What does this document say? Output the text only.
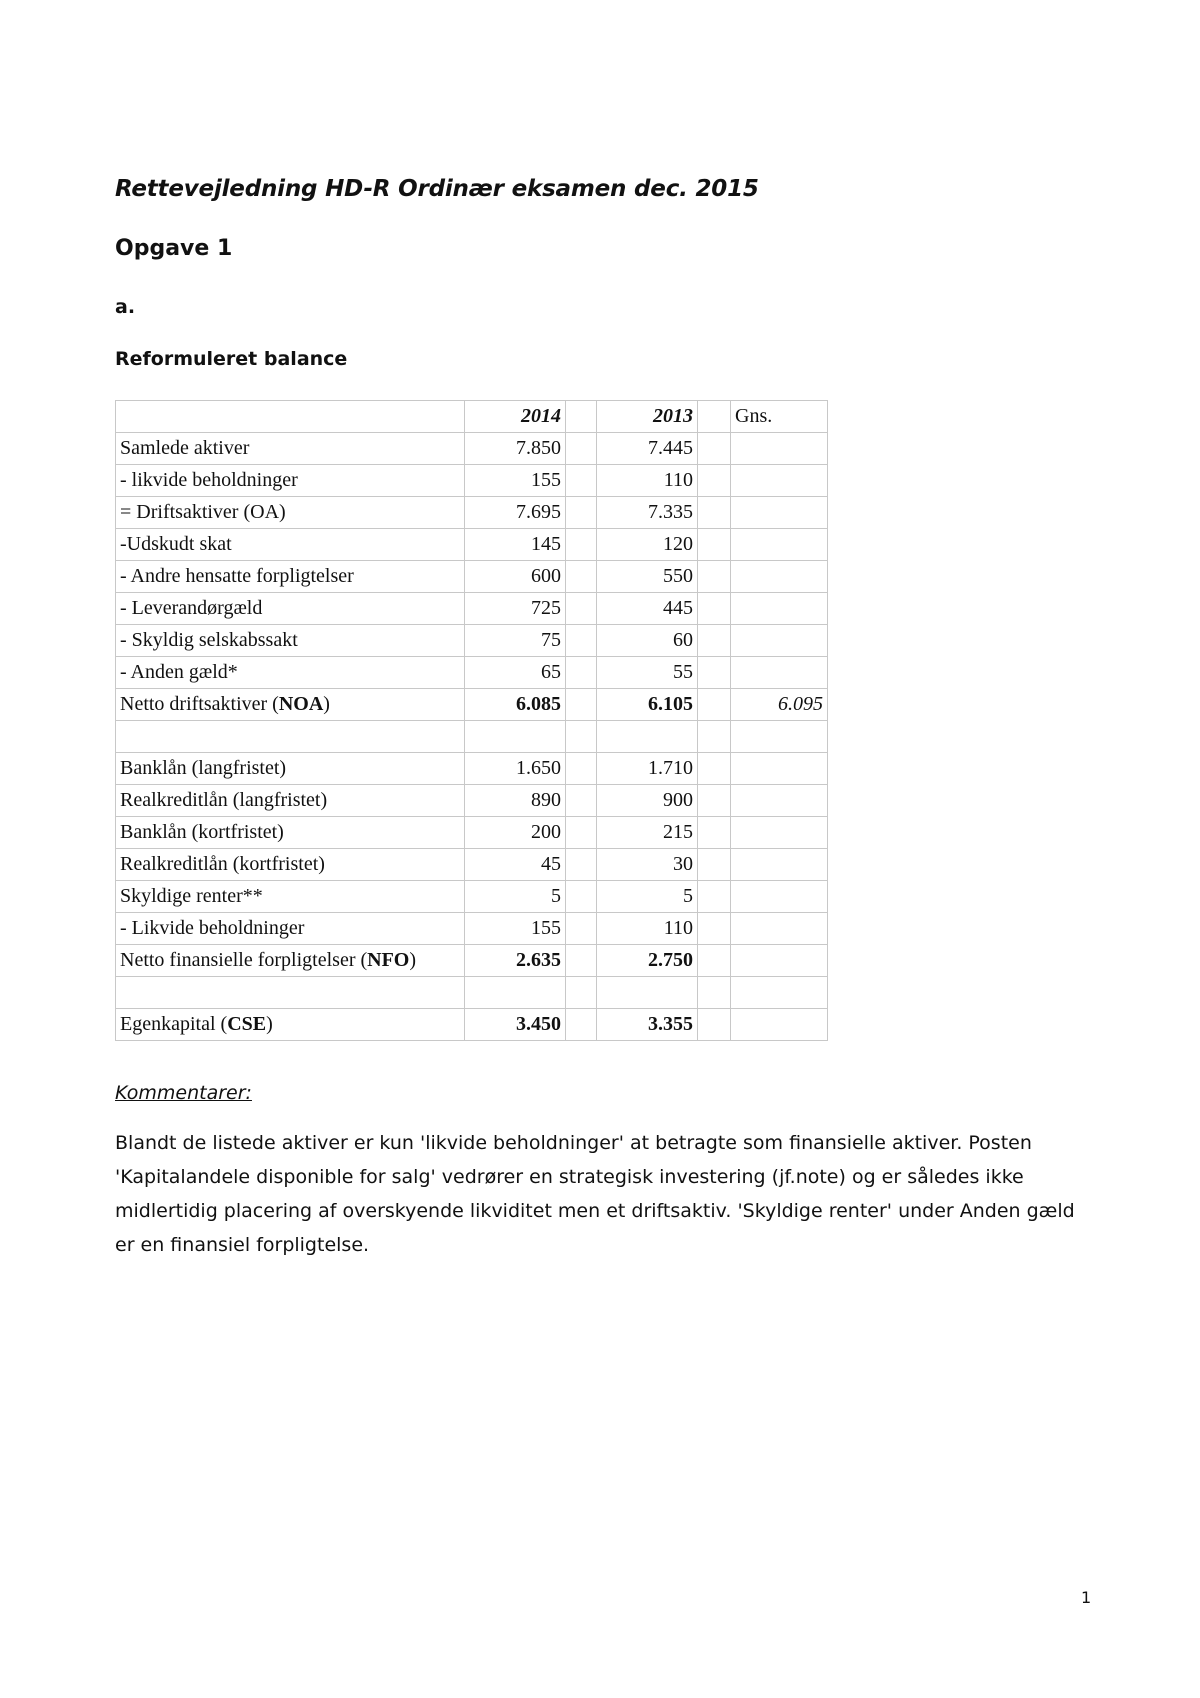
Rettevejledning HD-R Ordinær eksamen dec. 2015
Opgave 1
a.
Reformuleret balance
	2014		2013		Gns.
Samlede aktiver	7.850		7.445		
- likvide beholdninger	155		110		
= Driftsaktiver (OA)	7.695		7.335		
-Udskudt skat	145		120		
- Andre hensatte forpligtelser	600		550		
- Leverandørgæld	725		445		
- Skyldig selskabssakt	75		60		
- Anden gæld*	65		55		
Netto driftsaktiver (NOA)	6.085		6.105		6.095

Banklån (langfristet)	1.650		1.710		
Realkreditlån (langfristet)	890		900		
Banklån (kortfristet)	200		215		
Realkreditlån (kortfristet)	45		30		
Skyldige renter**	5		5		
- Likvide beholdninger	155		110		
Netto finansielle forpligtelser (NFO)	2.635		2.750		

Egenkapital (CSE)	3.450		3.355		
Kommentarer:
Blandt de listede aktiver er kun 'likvide beholdninger' at betragte som finansielle aktiver. Posten 'Kapitalandele disponible for salg' vedrører en strategisk investering (jf.note) og er således ikke midlertidig placering af overskyende likviditet men et driftsaktiv. 'Skyldige renter' under Anden gæld er en finansiel forpligtelse.
1
